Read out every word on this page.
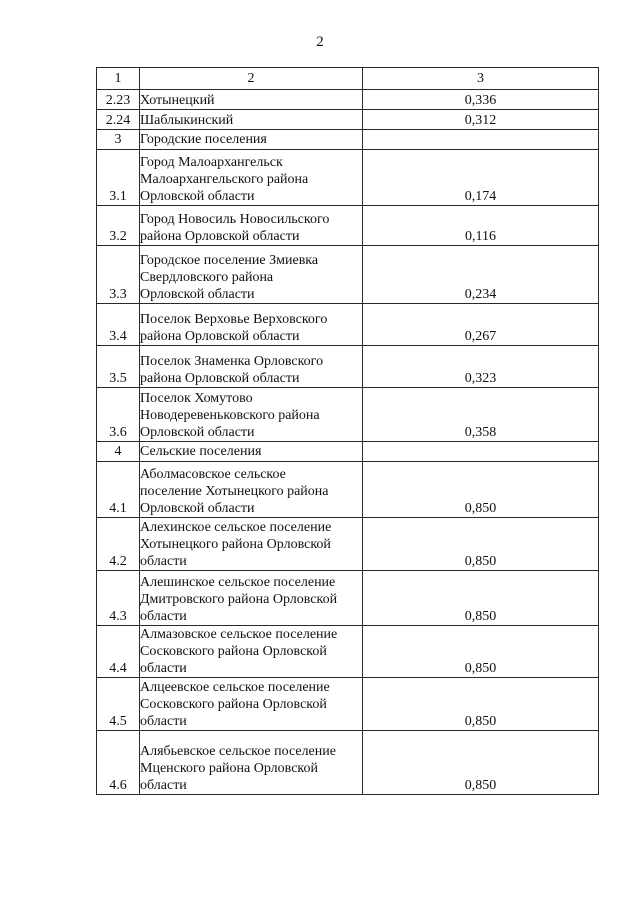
2
1	2	3
2.23	Хотынецкий	0,336
2.24	Шаблыкинский	0,312
3	Городские поселения	
3.1	Город Малоархангельск
Малоархангельского района
Орловской области	0,174
3.2	Город Новосиль Новосильского
района Орловской области	0,116
3.3	Городское поселение Змиевка
Свердловского района
Орловской области	0,234
3.4	Поселок Верховье Верховского
района Орловской области	0,267
3.5	Поселок Знаменка Орловского
района Орловской области	0,323
3.6	Поселок Хомутово
Новодеревеньковского района
Орловской области	0,358
4	Сельские поселения	
4.1	Аболмасовское сельское
поселение Хотынецкого района
Орловской области	0,850
4.2	Алехинское сельское поселение
Хотынецкого района Орловской
области	0,850
4.3	Алешинское сельское поселение
Дмитровского района Орловской
области	0,850
4.4	Алмазовское сельское поселение
Сосковского района Орловской
области	0,850
4.5	Алцеевское сельское поселение
Сосковского района Орловской
области	0,850
4.6	Алябьевское сельское поселение
Мценского района Орловской
области	0,850
